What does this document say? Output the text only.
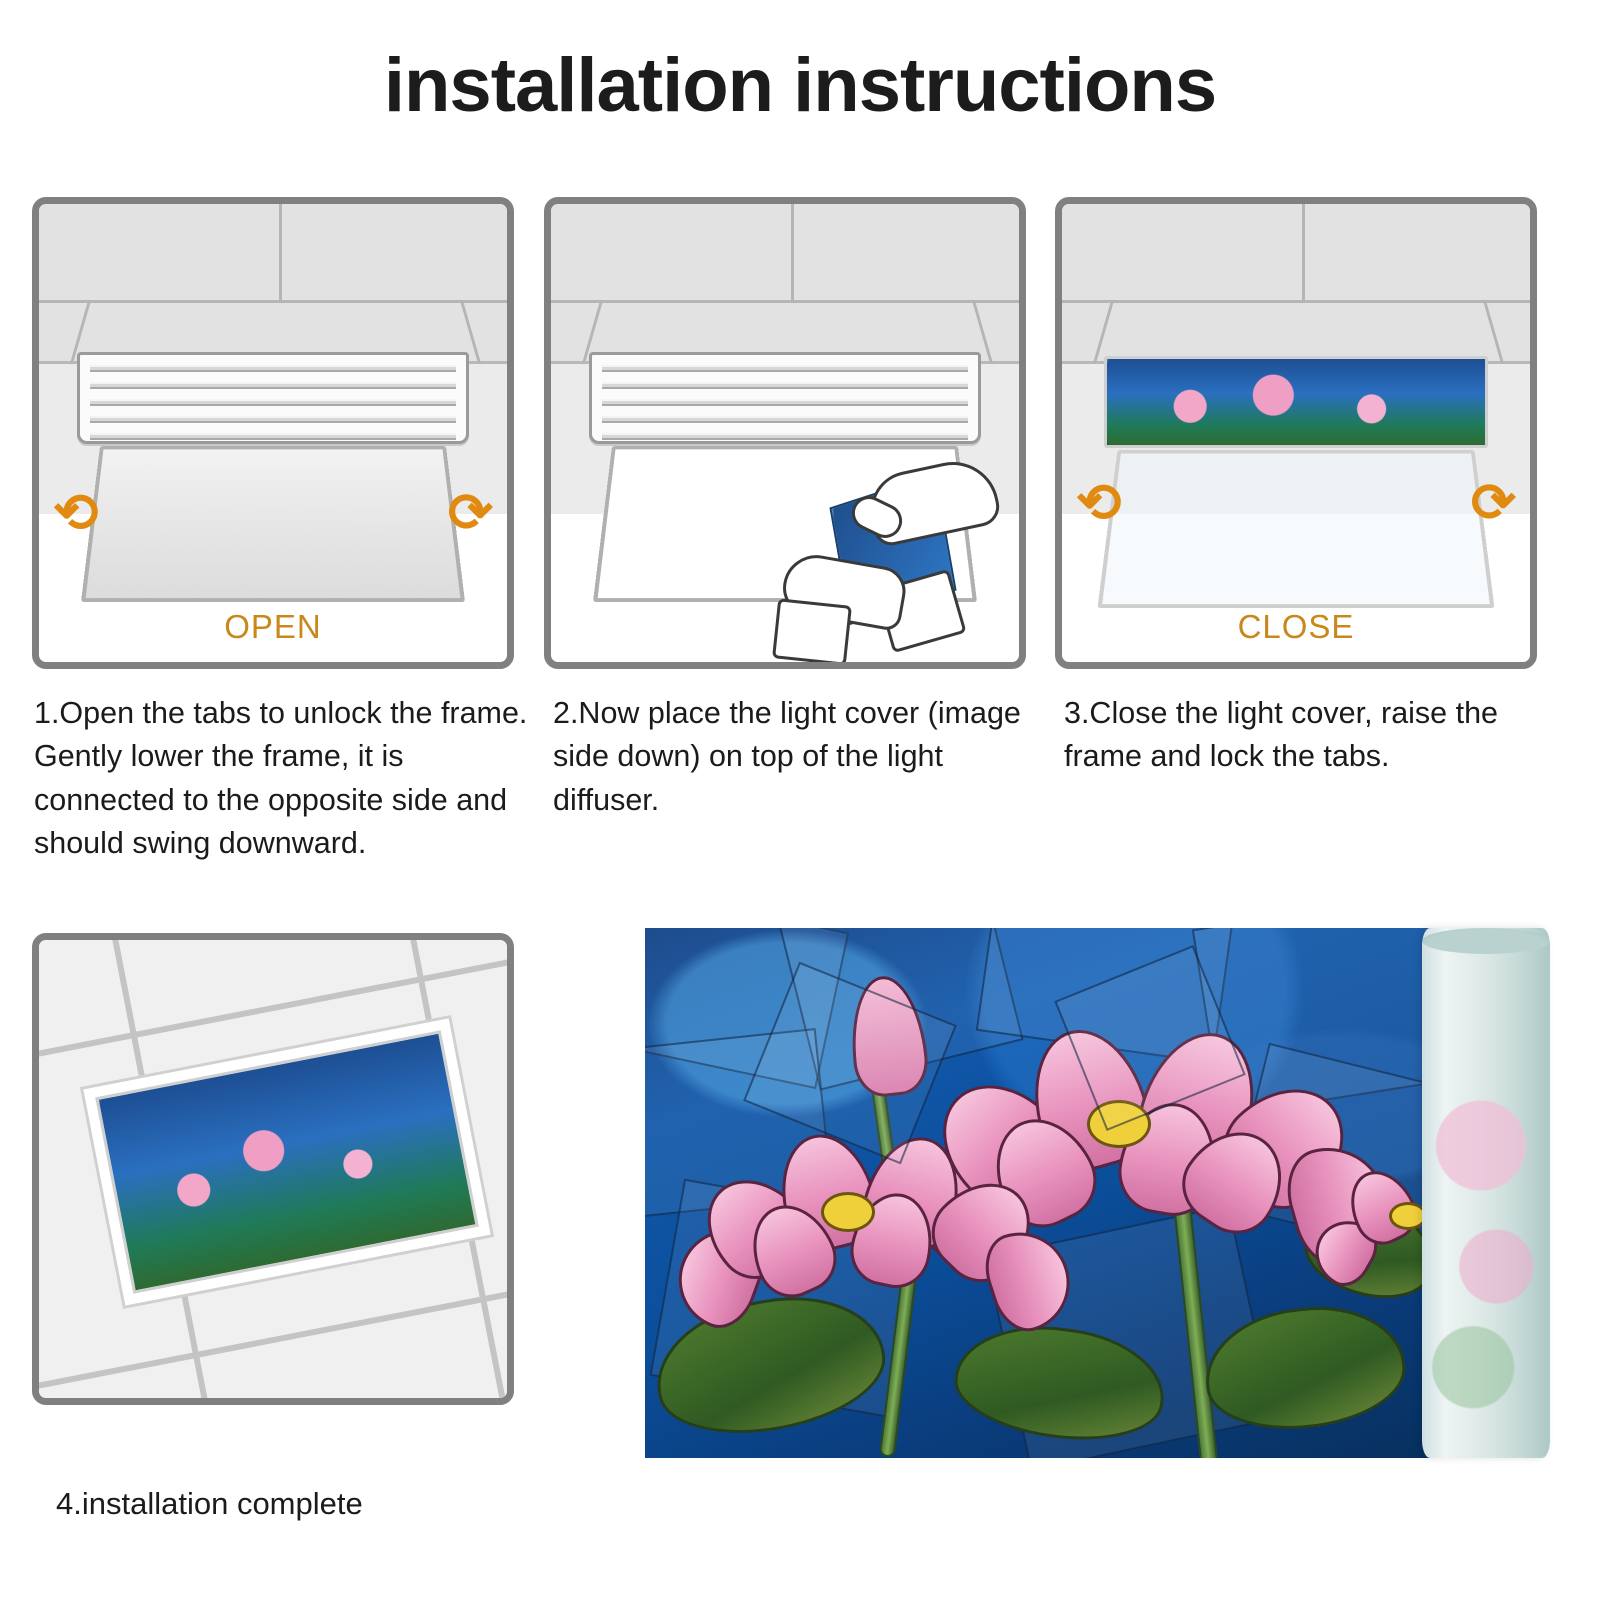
installation instructions
⟲	⟳
OPEN
⟲	⟳
CLOSE
1.Open the tabs to unlock the frame. Gently lower the frame, it is connected to the opposite side and should swing downward.
2.Now place the light cover (image side down) on top of the light diffuser.
3.Close the light cover, raise the frame and lock the tabs.
4.installation complete
